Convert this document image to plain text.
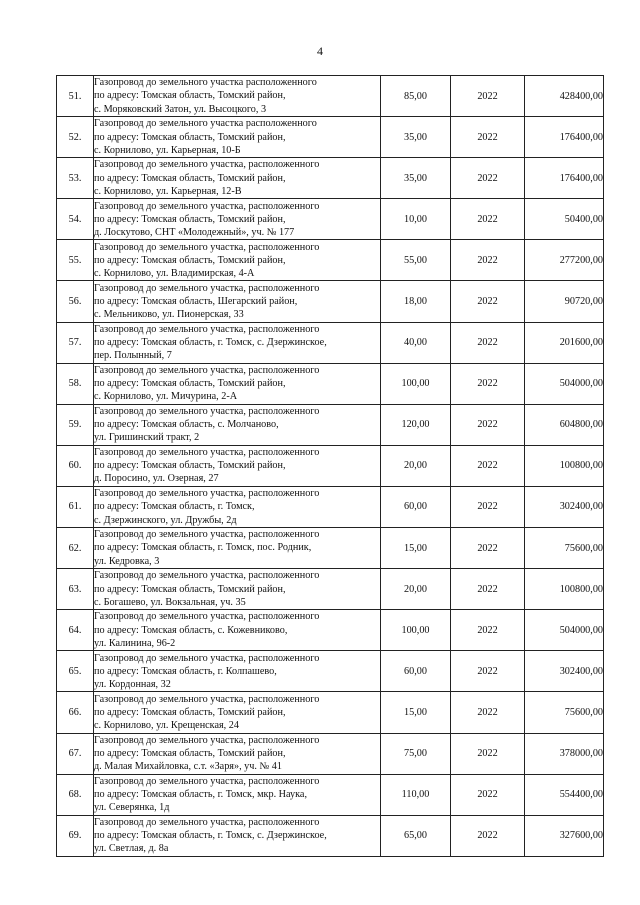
4
51.	Газопровод до земельного участка расположенного
по адресу: Томская область, Томский район,
с. Моряковский Затон, ул. Высоцкого, 3	85,00	2022	428400,00
52.	Газопровод до земельного участка расположенного
по адресу: Томская область, Томский район,
с. Корнилово, ул. Карьерная, 10-Б	35,00	2022	176400,00
53.	Газопровод до земельного участка, расположенного
по адресу: Томская область, Томский район,
с. Корнилово, ул. Карьерная, 12-В	35,00	2022	176400,00
54.	Газопровод до земельного участка, расположенного
по адресу: Томская область, Томский район,
д. Лоскутово, СНТ «Молодежный», уч. № 177	10,00	2022	50400,00
55.	Газопровод до земельного участка, расположенного
по адресу: Томская область, Томский район,
с. Корнилово, ул. Владимирская, 4-А	55,00	2022	277200,00
56.	Газопровод до земельного участка, расположенного
по адресу: Томская область, Шегарский район,
с. Мельниково, ул. Пионерская, 33	18,00	2022	90720,00
57.	Газопровод до земельного участка, расположенного
по адресу: Томская область, г. Томск, с. Дзержинское,
пер. Полынный, 7	40,00	2022	201600,00
58.	Газопровод до земельного участка, расположенного
по адресу: Томская область, Томский район,
с. Корнилово, ул. Мичурина, 2-А	100,00	2022	504000,00
59.	Газопровод до земельного участка, расположенного
по адресу: Томская область, с. Молчаново,
ул. Гришинский тракт, 2	120,00	2022	604800,00
60.	Газопровод до земельного участка, расположенного
по адресу: Томская область, Томский район,
д. Поросино, ул. Озерная, 27	20,00	2022	100800,00
61.	Газопровод до земельного участка, расположенного
по адресу: Томская область, г. Томск,
с. Дзержинского, ул. Дружбы, 2д	60,00	2022	302400,00
62.	Газопровод до земельного участка, расположенного
по адресу: Томская область, г. Томск, пос. Родник,
ул. Кедровка, 3	15,00	2022	75600,00
63.	Газопровод до земельного участка, расположенного
по адресу: Томская область, Томский район,
с. Богашево, ул. Вокзальная, уч. 35	20,00	2022	100800,00
64.	Газопровод до земельного участка, расположенного
по адресу: Томская область, с. Кожевниково,
ул. Калинина, 96-2	100,00	2022	504000,00
65.	Газопровод до земельного участка, расположенного
по адресу: Томская область, г. Колпашево,
ул. Кордонная, 32	60,00	2022	302400,00
66.	Газопровод до земельного участка, расположенного
по адресу: Томская область, Томский район,
с. Корнилово, ул. Крещенская, 24	15,00	2022	75600,00
67.	Газопровод до земельного участка, расположенного
по адресу: Томская область, Томский район,
д. Малая Михайловка, с.т. «Заря», уч. № 41	75,00	2022	378000,00
68.	Газопровод до земельного участка, расположенного
по адресу: Томская область, г. Томск, мкр. Наука,
ул. Северянка, 1д	110,00	2022	554400,00
69.	Газопровод до земельного участка, расположенного
по адресу: Томская область, г. Томск, с. Дзержинское,
ул. Светлая, д. 8а	65,00	2022	327600,00
